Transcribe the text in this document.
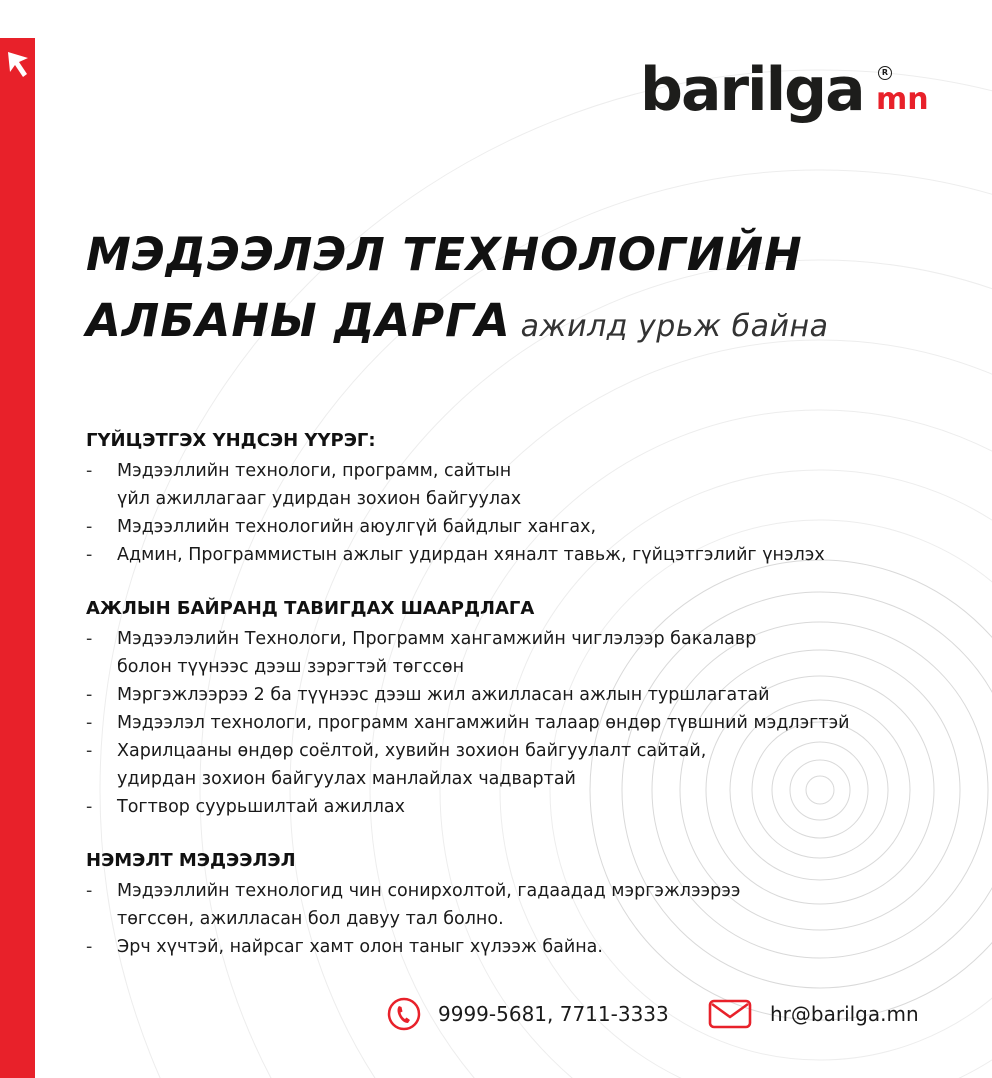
barilga	R
mn
МЭДЭЭЛЭЛ ТЕХНОЛОГИЙН
АЛБАНЫ ДАРГА ажилд урьж байна
ГҮЙЦЭТГЭХ ҮНДСЭН ҮҮРЭГ:
-	Мэдээллийн технологи, программ, сайтын
үйл ажиллагааг удирдан зохион байгуулах
-	Мэдээллийн технологийн аюулгүй байдлыг хангах,
-	Админ, Программистын ажлыг удирдан хяналт тавьж, гүйцэтгэлийг үнэлэх
АЖЛЫН БАЙРАНД ТАВИГДАХ ШААРДЛАГА
-	Мэдээлэлийн Технологи, Программ хангамжийн чиглэлээр бакалавр
болон түүнээс дээш зэрэгтэй төгссөн
-	Мэргэжлээрээ 2 ба түүнээс дээш жил ажилласан ажлын туршлагатай
-	Мэдээлэл технологи, программ хангамжийн талаар өндөр түвшний мэдлэгтэй
-	Харилцааны өндөр соёлтой, хувийн зохион байгуулалт сайтай,
удирдан зохион байгуулах манлайлах чадвартай
-	Тогтвор суурьшилтай ажиллах
НЭМЭЛТ МЭДЭЭЛЭЛ
-	Мэдээллийн технологид чин сонирхолтой, гадаадад мэргэжлээрээ
төгссөн, ажилласан бол давуу тал болно.
-	Эрч хүчтэй, найрсаг хамт олон таныг хүлээж байна.
9999-5681, 7711-3333	hr@barilga.mn
